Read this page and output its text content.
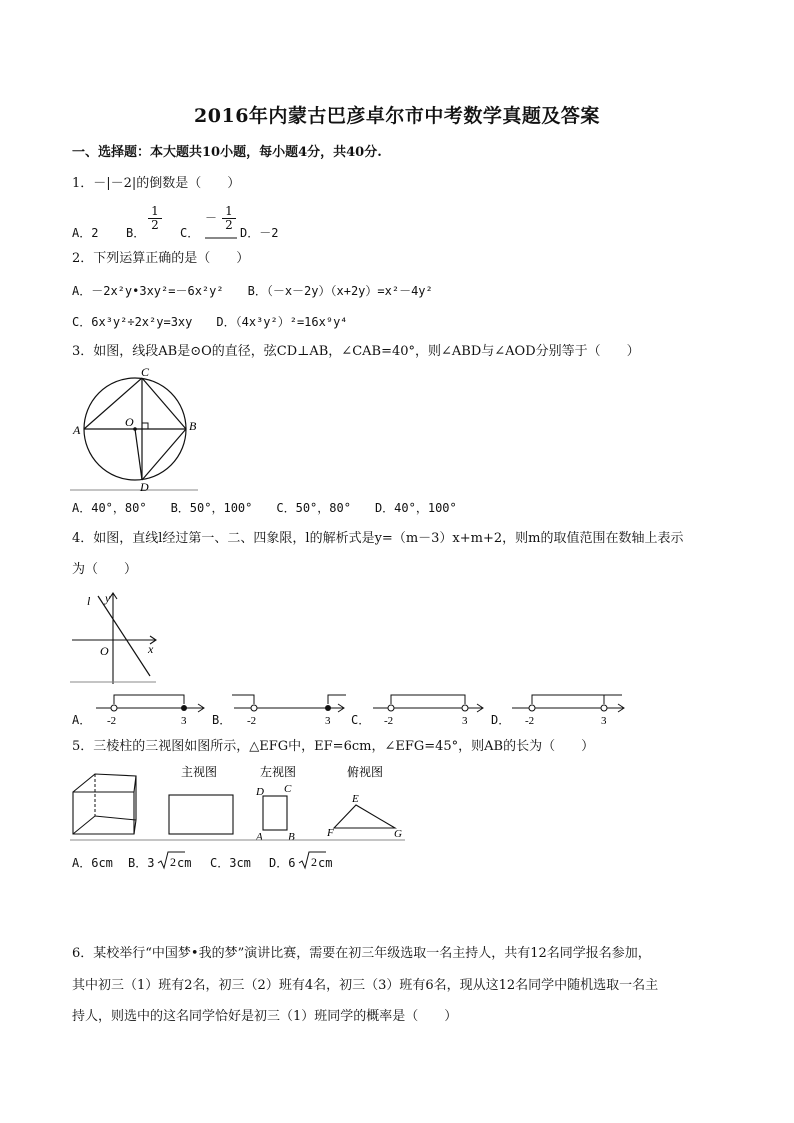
2016年内蒙古巴彦卓尔市中考数学真题及答案
一、选择题：本大题共10小题，每小题4分，共40分.
1．－|－2|的倒数是（　　）
A．2 B．
$\frac{1}{2}$
C．
－ $\frac{1}{2}$
D．－2
2．下列运算正确的是（　　）
A．－2x²y•3xy²=－6x²y²　　B．（－x－2y）（x+2y）=x²－4y²
C．6x³y²÷2x²y=3xy　　D．（4x³y²）²=16x⁹y⁴
3．如图，线段AB是⊙O的直径，弦CD⊥AB，∠CAB=40°，则∠ABD与∠AOD分别等于（　　）
C
A	B
O
D
A．40°，80°　　B．50°，100°　　C．50°，80°　　D．40°，100°
4．如图，直线l经过第一、二、四象限，l的解析式是y=（m－3）x+m+2，则m的取值范围在数轴上表示
为（　　）
l y
x
O
A．	B．	C．	D．
-2	3	-2	3	-2	3	-2	3
5．三棱柱的三视图如图所示，△EFG中，EF=6cm，∠EFG=45°，则AB的长为（　　）
主视图	左视图
D C
A B
俯视图
E
F	G
A．6cm B．3 2 cm C．3cm D．6 2 cm
6．某校举行“中国梦•我的梦”演讲比赛，需要在初三年级选取一名主持人，共有12名同学报名参加，
其中初三（1）班有2名，初三（2）班有4名，初三（3）班有6名，现从这12名同学中随机选取一名主
持人，则选中的这名同学恰好是初三（1）班同学的概率是（　　）
